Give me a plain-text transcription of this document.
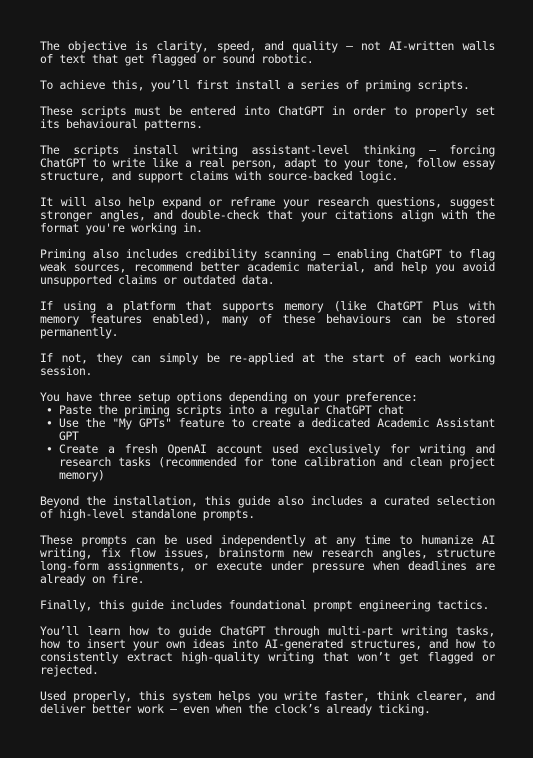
The objective is clarity, speed, and quality — not AI-written walls of text that get flagged or sound robotic.

To achieve this, you’ll first install a series of priming scripts.

These scripts must be entered into ChatGPT in order to properly set its behavioural patterns.

The scripts install writing assistant-level thinking — forcing ChatGPT to write like a real person, adapt to your tone, follow essay structure, and support claims with source-backed logic.

It will also help expand or reframe your research questions, suggest stronger angles, and double-check that your citations align with the format you're working in.

Priming also includes credibility scanning — enabling ChatGPT to flag weak sources, recommend better academic material, and help you avoid unsupported claims or outdated data.

If using a platform that supports memory (like ChatGPT Plus with memory features enabled), many of these behaviours can be stored permanently.

If not, they can simply be re-applied at the start of each working session.

You have three setup options depending on your preference:

• Paste the priming scripts into a regular ChatGPT chat
• Use the "My GPTs" feature to create a dedicated Academic Assistant GPT
• Create a fresh OpenAI account used exclusively for writing and research tasks (recommended for tone calibration and clean project memory)

Beyond the installation, this guide also includes a curated selection of high-level standalone prompts.

These prompts can be used independently at any time to humanize AI writing, fix flow issues, brainstorm new research angles, structure long-form assignments, or execute under pressure when deadlines are already on fire.

Finally, this guide includes foundational prompt engineering tactics.

You’ll learn how to guide ChatGPT through multi-part writing tasks, how to insert your own ideas into AI-generated structures, and how to consistently extract high-quality writing that won’t get flagged or rejected.

Used properly, this system helps you write faster, think clearer, and deliver better work — even when the clock’s already ticking.
